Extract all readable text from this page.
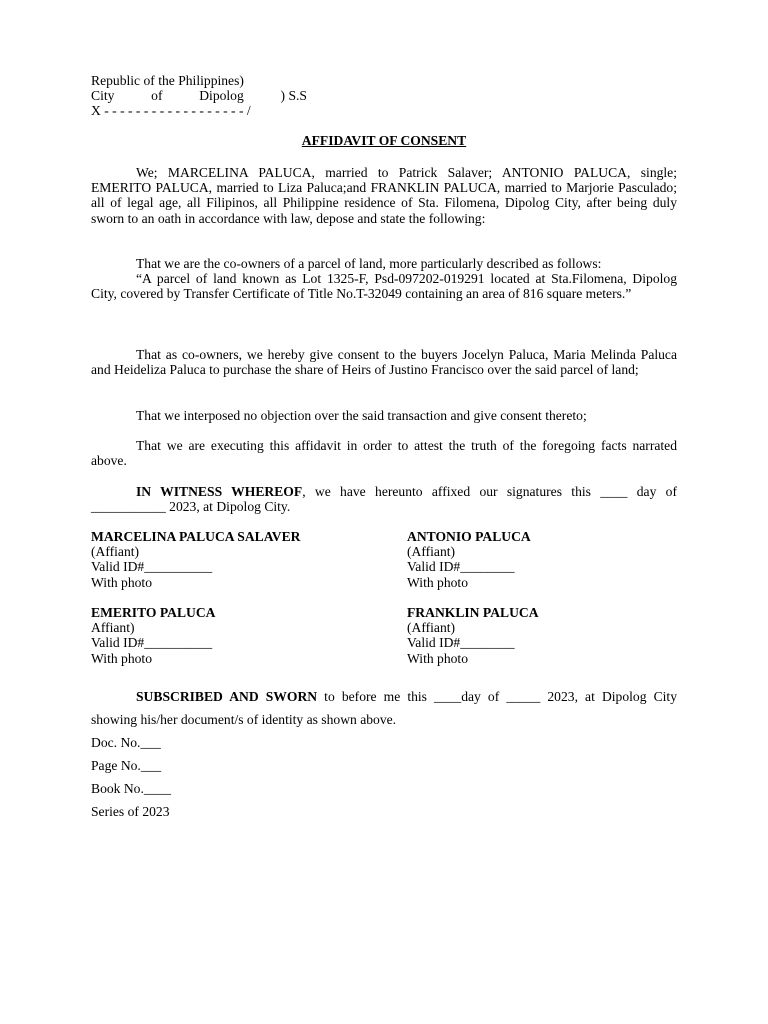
Republic of the Philippines)
City	of	Dipolog	) S.S
X - - - - - - - - - - - - - - - - - - /
AFFIDAVIT OF CONSENT

We; MARCELINA PALUCA, married to Patrick Salaver; ANTONIO PALUCA, single; EMERITO PALUCA, married to Liza Paluca;and FRANKLIN PALUCA, married to Marjorie Pasculado; all of legal age, all Filipinos, all Philippine residence of Sta. Filomena, Dipolog City, after being duly sworn to an oath in accordance with law, depose and state the following:

That we are the co-owners of a parcel of land, more particularly described as follows:

“A parcel of land known as Lot 1325-F, Psd-097202-019291 located at Sta.Filomena, Dipolog City, covered by Transfer Certificate of Title No.T-32049 containing an area of 816 square meters.”

That as co-owners, we hereby give consent to the buyers Jocelyn Paluca, Maria Melinda Paluca and Heideliza Paluca to purchase the share of Heirs of Justino Francisco over the said parcel of land;

That we interposed no objection over the said transaction and give consent thereto;

That we are executing this affidavit in order to attest the truth of the foregoing facts narrated above.

IN WITNESS WHEREOF, we have hereunto affixed our signatures this ____ day of ___________ 2023, at Dipolog City.

MARCELINA PALUCA SALAVER
(Affiant)
Valid ID#__________
With photo
ANTONIO PALUCA
(Affiant)
Valid ID#________
With photo
EMERITO PALUCA
Affiant)
Valid ID#__________
With photo
FRANKLIN PALUCA
(Affiant)
Valid ID#________
With photo

SUBSCRIBED AND SWORN to before me this ____day of _____ 2023, at Dipolog City showing his/her document/s of identity as shown above.

Doc. No.___
Page No.___
Book No.____
Series of 2023
